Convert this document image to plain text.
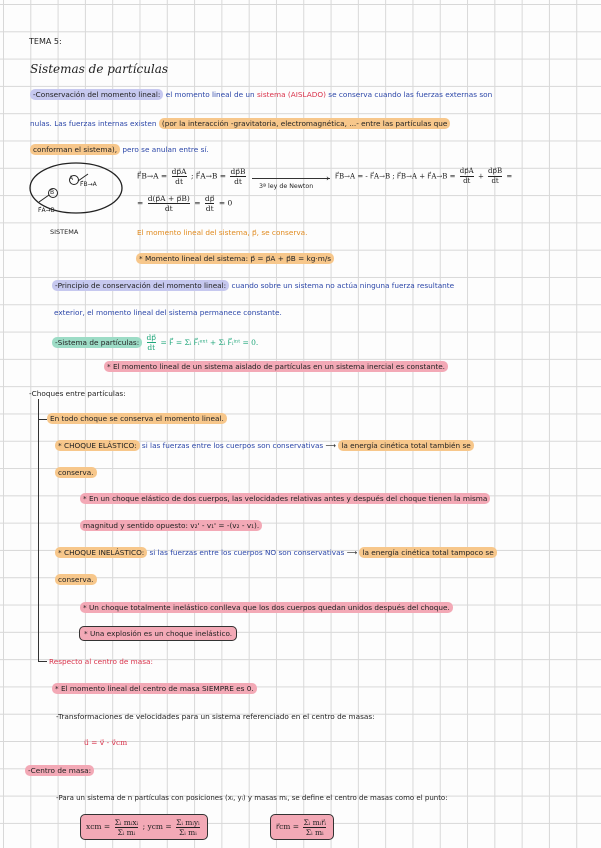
TEMA 5:
Sistemas de partículas
-Conservación del momento lineal: el momento lineal de un sistema (AISLADO) se conserva cuando las fuerzas externas son
nulas. Las fuerzas internas existen (por la interacción -gravitatoria, electromagnética, ...- entre las partículas que
conforman el sistema), pero se anulan entre sí.
A
B
F⃗B→A
F⃗A→B
SISTEMA
F⃗B→A = $\frac{dp⃗A}{dt}$ ; F⃗A→B = $\frac{dp⃗B}{dt}$	›
3ª ley de Newton
F⃗B→A = - F⃗A→B ; F⃗B→A + F⃗A→B = $\frac{dp⃗A}{dt} + \frac{dp⃗B}{dt}$ =
= $\frac{d(p⃗A + p⃗B)}{dt} = \frac{dp⃗}{dt} = 0$
El momento lineal del sistema, p⃗, se conserva.
* Momento lineal del sistema: p⃗ = p⃗A + p⃗B = kg·m/s
-Principio de conservación del momento lineal: cuando sobre un sistema no actúa ninguna fuerza resultante
exterior, el momento lineal del sistema permanece constante.
-Sistema de partículas: $\frac{dp⃗}{dt}$ = F⃗ = Σᵢ F⃗ᵢᵉˣᵗ + Σᵢ F⃗ᵢⁱⁿᵗ = 0.
* El momento lineal de un sistema aislado de partículas en un sistema inercial es constante.
-Choques entre partículas:
En todo choque se conserva el momento lineal.
* CHOQUE ELÁSTICO: si las fuerzas entre los cuerpos son conservativas ⟶ la energía cinética total también se
conserva.
* En un choque elástico de dos cuerpos, las velocidades relativas antes y después del choque tienen la misma
magnitud y sentido opuesto: v₂' - v₁' = -(v₂ - v₁).
* CHOQUE INELÁSTICO: si las fuerzas entre los cuerpos NO son conservativas ⟶ la energía cinética total tampoco se
conserva.
* Un choque totalmente inelástico conlleva que los dos cuerpos quedan unidos después del choque.
* Una explosión es un choque inelástico.
Respecto al centro de masa:
* El momento lineal del centro de masa SIEMPRE es 0.
-Transformaciones de velocidades para un sistema referenciado en el centro de masas:
u⃗ = v⃗ - v⃗cm
-Centro de masa:
-Para un sistema de n partículas con posiciones (xᵢ, yᵢ) y masas mᵢ, se define el centro de masas como el punto:
xcm = $\frac{\text{Σᵢ mᵢxᵢ}}{\text{Σᵢ mᵢ}}$ ; ycm = $\frac{\text{Σᵢ mᵢyᵢ}}{\text{Σᵢ mᵢ}}$	r⃗cm = $\frac{\text{Σᵢ mᵢr⃗ᵢ}}{\text{Σᵢ mᵢ}}$
